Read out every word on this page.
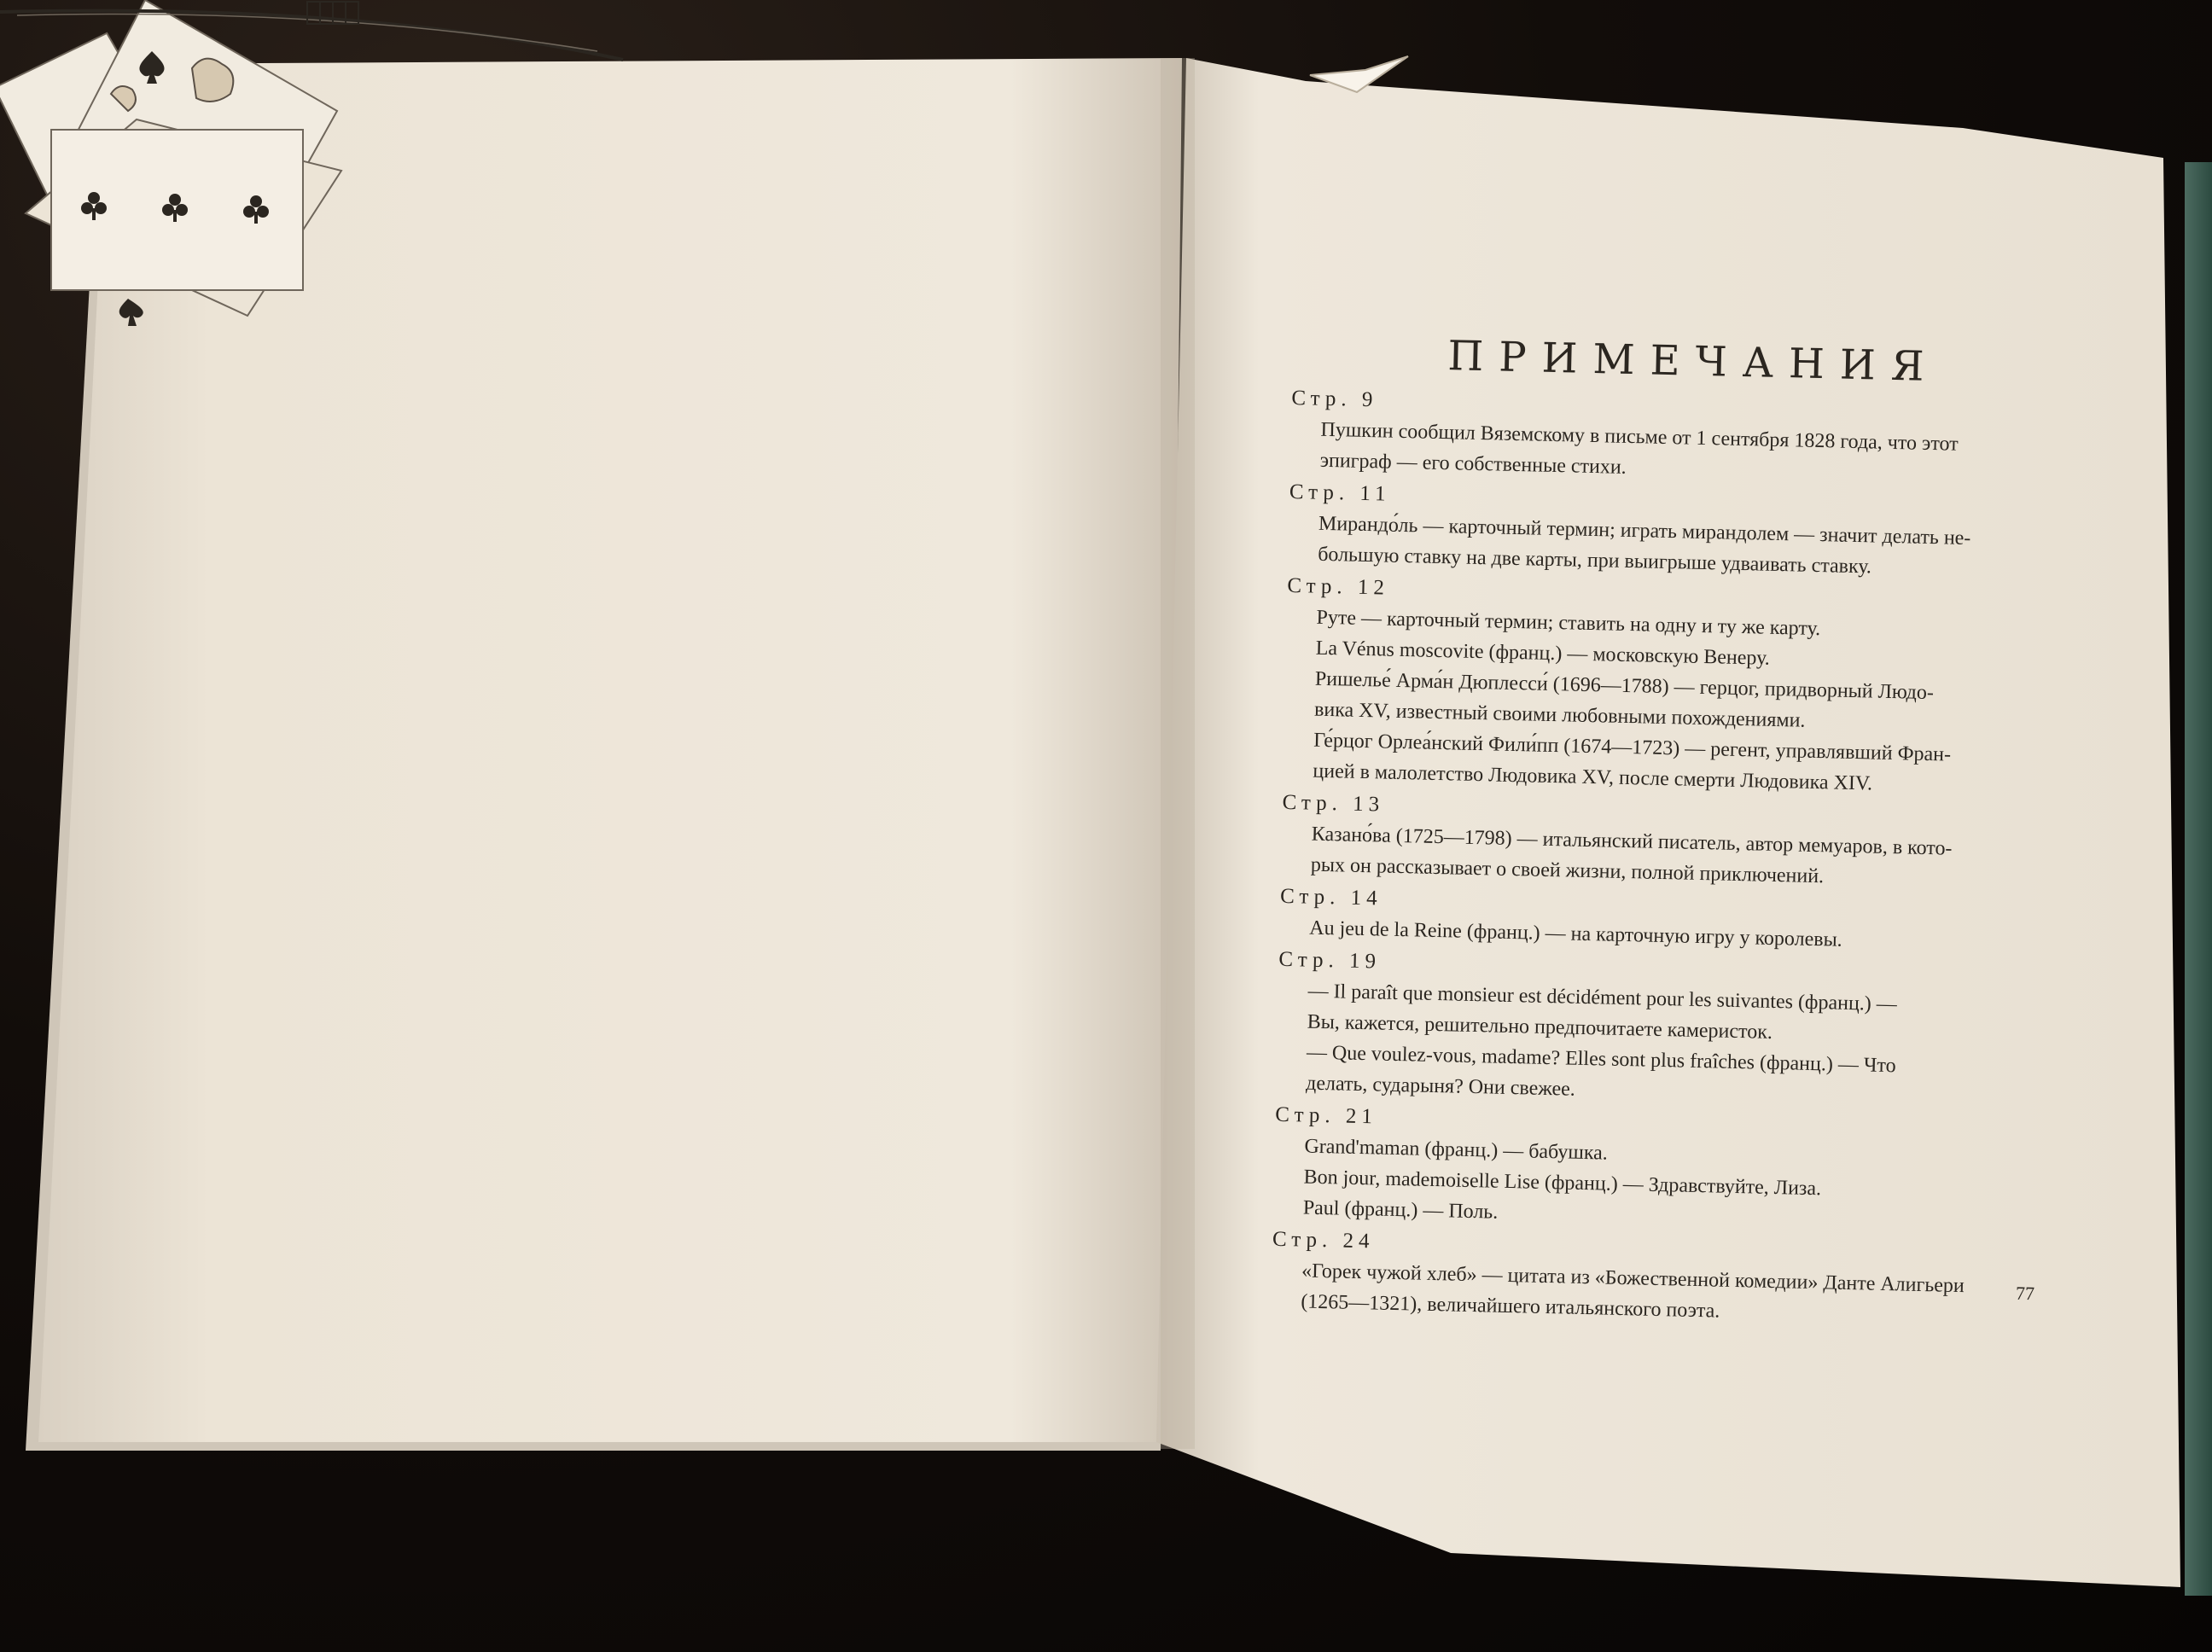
ПРИМЕЧАНИЯ
Стр. 9
Пушкин сообщил Вяземскому в письме от 1 сентября 1828 года, что этот
эпиграф — его собственные стихи.
Стр. 11
Мирандо́ль — карточный термин; играть мирандолем — значит делать не-
большую ставку на две карты, при выигрыше удваивать ставку.
Стр. 12
Руте — карточный термин; ставить на одну и ту же карту.
La Vénus moscovite (франц.) — московскую Венеру.
Ришелье́ Арма́н Дюплесси́ (1696—1788) — герцог, придворный Людо-
вика XV, известный своими любовными похождениями.
Ге́рцог Орлеа́нский Фили́пп (1674—1723) — регент, управлявший Фран-
цией в малолетство Людовика XV, после смерти Людовика XIV.
Стр. 13
Казано́ва (1725—1798) — итальянский писатель, автор мемуаров, в кото-
рых он рассказывает о своей жизни, полной приключений.
Стр. 14
Au jeu de la Reine (франц.) — на карточную игру у королевы.
Стр. 19
— Il paraît que monsieur est décidément pour les suivantes (франц.) —
Вы, кажется, решительно предпочитаете камеристок.
— Que voulez-vous, madame? Elles sont plus fraîches (франц.) — Что
делать, сударыня? Они свежее.
Стр. 21
Grand'maman (франц.) — бабушка.
Bon jour, mademoiselle Lise (франц.) — Здравствуйте, Лиза.
Paul (франц.) — Поль.
Стр. 24
«Горек чужой хлеб» — цитата из «Божественной комедии» Данте Алигьери
(1265—1321), величайшего итальянского поэта.	77
